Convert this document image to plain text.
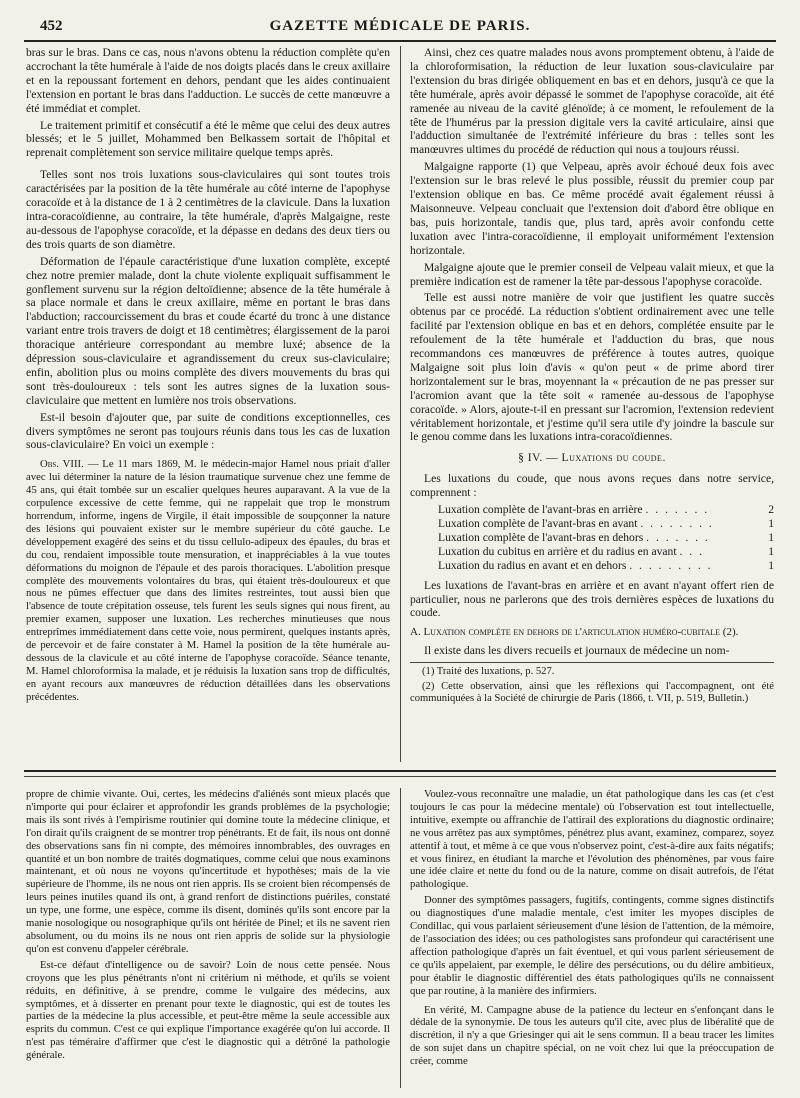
452	GAZETTE MÉDICALE DE PARIS.

bras sur le bras. Dans ce cas, nous n'avons obtenu la réduction complète qu'en accrochant la tête humérale à l'aide de nos doigts placés dans le creux axillaire et en la repoussant fortement en dehors, pendant que les aides continuaient l'extension en portant le bras dans l'adduction. Le succès de cette manœuvre a été immédiat et complet.

Le traitement primitif et consécutif a été le même que celui des deux autres blessés; et le 5 juillet, Mohammed ben Belkassem sortait de l'hôpital et reprenait complètement son service militaire quelque temps après.

Telles sont nos trois luxations sous-claviculaires qui sont toutes trois caractérisées par la position de la tête humérale au côté interne de l'apophyse coracoïde et à la distance de 1 à 2 centimètres de la clavicule. Dans la luxation intra-coracoïdienne, au contraire, la tête humérale, d'après Malgaigne, reste au-dessous de l'apophyse coracoïde, et la dépasse en dedans des deux tiers ou des trois quarts de son diamètre.

Déformation de l'épaule caractéristique d'une luxation complète, excepté chez notre premier malade, dont la chute violente expliquait suffisamment le gonflement survenu sur la région deltoïdienne; absence de la tête humérale à sa place normale et dans le creux axillaire, même en portant le bras dans l'abduction; raccourcissement du bras et coude écarté du tronc à une distance variant entre trois travers de doigt et 18 centimètres; élargissement de la paroi thoracique antérieure correspondant au membre luxé; absence de la dépression sous-claviculaire et agrandissement du creux sus-claviculaire; enfin, abolition plus ou moins complète des divers mouvements du bras qui sont très-douloureux : tels sont les autres signes de la luxation sous-claviculaire que mettent en lumière nos trois observations.

Est-il besoin d'ajouter que, par suite de conditions exceptionnelles, ces divers symptômes ne seront pas toujours réunis dans tous les cas de luxation sous-claviculaire? En voici un exemple :

Obs. VIII. — Le 11 mars 1869, M. le médecin-major Hamel nous priait d'aller avec lui déterminer la nature de la lésion traumatique survenue chez une femme de 45 ans, qui était tombée sur un escalier quelques heures auparavant. A la vue de la corpulence excessive de cette femme, qui ne rappelait que trop le monstrum horrendum, informe, ingens de Virgile, il était impossible de soupçonner la nature des lésions qui pouvaient exister sur le membre supérieur du côté gauche. Le développement exagéré des seins et du tissu cellulo-adipeux des épaules, du bras et du cou, rendaient impossible toute mensuration, et inappréciables à la vue toutes déformations du moignon de l'épaule et des parois thoraciques. L'abolition presque complète des mouvements volontaires du bras, qui étaient très-douloureux et que nous ne pûmes effectuer que dans des limites restreintes, tout aussi bien que l'absence de toute crépitation osseuse, tels furent les seuls signes qui nous firent, au premier examen, supposer une luxation. Les recherches minutieuses que nous entreprîmes immédiatement dans cette voie, nous permirent, quelques instants après, de percevoir et de faire constater à M. Hamel la position de la tête humérale au-dessous de la clavicule et au côté interne de l'apophyse coracoïde. Séance tenante, M. Hamel chloroformisa la malade, et je réduisis la luxation sans trop de difficultés, en ayant recours aux manœuvres de réduction détaillées dans les observations précédentes.

Ainsi, chez ces quatre malades nous avons promptement obtenu, à l'aide de la chloroformisation, la réduction de leur luxation sous-claviculaire par l'extension du bras dirigée obliquement en bas et en dehors, jusqu'à ce que la tête humérale, après avoir dépassé le sommet de l'apophyse coracoïde, ait été ramenée au niveau de la cavité glénoïde; à ce moment, le refoulement de la tête de l'humérus par la pression digitale vers la cavité articulaire, ainsi que l'adduction simultanée de l'extrémité inférieure du bras : telles sont les manœuvres ultimes du procédé de réduction qui nous a toujours réussi.

Malgaigne rapporte (1) que Velpeau, après avoir échoué deux fois avec l'extension sur le bras relevé le plus possible, réussit du premier coup par l'extension oblique en bas. Ce même procédé avait également réussi à Maisonneuve. Velpeau concluait que l'extension doit d'abord être oblique en bas, puis horizontale, tandis que, plus tard, après avoir confondu cette luxation avec l'intra-coracoïdienne, il employait uniformément l'extension horizontale.

Malgaigne ajoute que le premier conseil de Velpeau valait mieux, et que la première indication est de ramener la tête par-dessous l'apophyse coracoïde.

Telle est aussi notre manière de voir que justifient les quatre succès obtenus par ce procédé. La réduction s'obtient ordinairement avec une telle facilité par l'extension oblique en bas et en dehors, complétée ensuite par le refoulement de la tête humérale et l'adduction du bras, que nous recommandons ces manœuvres de préférence à toutes autres, quoique Malgaigne soit plus loin d'avis « qu'on peut « de prime abord tirer horizontalement sur le bras, moyennant la « précaution de ne pas presser sur l'acromion avant que la tête soit « ramenée au-dessous de l'apophyse coracoïde. » Alors, ajoute-t-il en pressant sur l'acromion, l'extension redevient véritablement horizontale, et j'estime qu'il sera utile d'y joindre la bascule sur le genou comme dans les luxations intra-coracoïdiennes.

§ IV. — Luxations du coude.

Les luxations du coude, que nous avons reçues dans notre service, comprennent :

Luxation complète de l'avant-bras en arrière . . . . . . .	2
Luxation complète de l'avant-bras en avant . . . . . . . .	1
Luxation complète de l'avant-bras en dehors . . . . . . .	1
Luxation du cubitus en arrière et du radius en avant . . .	1
Luxation du radius en avant et en dehors . . . . . . . . .	1

Les luxations de l'avant-bras en arrière et en avant n'ayant offert rien de particulier, nous ne parlerons que des trois dernières espèces de luxations du coude.

A. Luxation complète en dehors de l'articulation huméro-cubitale (2).

Il existe dans les divers recueils et journaux de médecine un nom-

(1) Traité des luxations, p. 527.

(2) Cette observation, ainsi que les réflexions qui l'accompagnent, ont été communiquées à la Société de chirurgie de Paris (1866, t. VII, p. 519, Bulletin.)

propre de chimie vivante. Oui, certes, les médecins d'aliénés sont mieux placés que n'importe qui pour éclairer et approfondir les grands problèmes de la psychologie; mais ils sont rivés à l'empirisme routinier qui domine toute la médecine clinique, et l'on dirait qu'ils craignent de se montrer trop pénétrants. Et de fait, ils nous ont donné des observations sans fin ni compte, des mémoires innombrables, des ouvrages en quantité et un bon nombre de traités dogmatiques, comme celui que nous examinons maintenant, et où nous ne voyons qu'incertitude et hypothèses; mais de la vie supérieure de l'homme, ils ne nous ont rien appris. Ils se croient bien récompensés de leurs peines inutiles quand ils ont, à grand renfort de distinctions puériles, constaté un type, une forme, une espèce, comme ils disent, dominés qu'ils sont encore par la manie nosologique ou nosographique qu'ils ont héritée de Pinel; et ils ne savent rien absolument, ou du moins ils ne nous ont rien appris de solide sur la physiologie qu'on est convenu d'appeler cérébrale.

Est-ce défaut d'intelligence ou de savoir? Loin de nous cette pensée. Nous croyons que les plus pénétrants n'ont ni critérium ni méthode, et qu'ils se voient réduits, en définitive, à se prendre, comme le vulgaire des médecins, aux symptômes, et à disserter en prenant pour texte le diagnostic, qui est de toutes les parties de la médecine la plus accessible, et peut-être même la seule accessible aux esprits du commun. C'est ce qui explique l'importance exagérée qu'on lui accorde. Il n'est pas téméraire d'affirmer que c'est le diagnostic qui a détrôné la pathologie générale.

Voulez-vous reconnaître une maladie, un état pathologique dans les cas (et c'est toujours le cas pour la médecine mentale) où l'observation est tout intellectuelle, intuitive, exempte ou affranchie de l'attirail des explorations du diagnostic ordinaire; ne vous arrêtez pas aux symptômes, pénétrez plus avant, examinez, comparez, soyez attentif à tout, et même à ce que vous n'observez point, c'est-à-dire aux faits négatifs; et vous finirez, en étudiant la marche et l'évolution des phénomènes, par vous faire une idée claire et nette du fond ou de la nature, comme on disait autrefois, de l'état pathologique.

Donner des symptômes passagers, fugitifs, contingents, comme signes distinctifs ou diagnostiques d'une maladie mentale, c'est imiter les myopes disciples de Condillac, qui vous parlaient sérieusement d'une lésion de l'attention, de la mémoire, de l'association des idées; ou ces pathologistes sans profondeur qui caractérisent une affection pathologique d'après un fait éventuel, et qui vous parlent sérieusement de ce qu'ils appelaient, par exemple, le délire des persécutions, ou du délire ambitieux, pour établir le diagnostic différentiel des états pathologiques qu'ils ne connaissent que par routine, à la manière des infirmiers.

En vérité, M. Campagne abuse de la patience du lecteur en s'enfonçant dans le dédale de la synonymie. De tous les auteurs qu'il cite, avec plus de libéralité que de discrétion, il n'y a que Griesinger qui ait le sens commun. Il a beau tracer les limites de son sujet dans un chapitre spécial, on ne voit chez lui que la préoccupation de créer, comme
